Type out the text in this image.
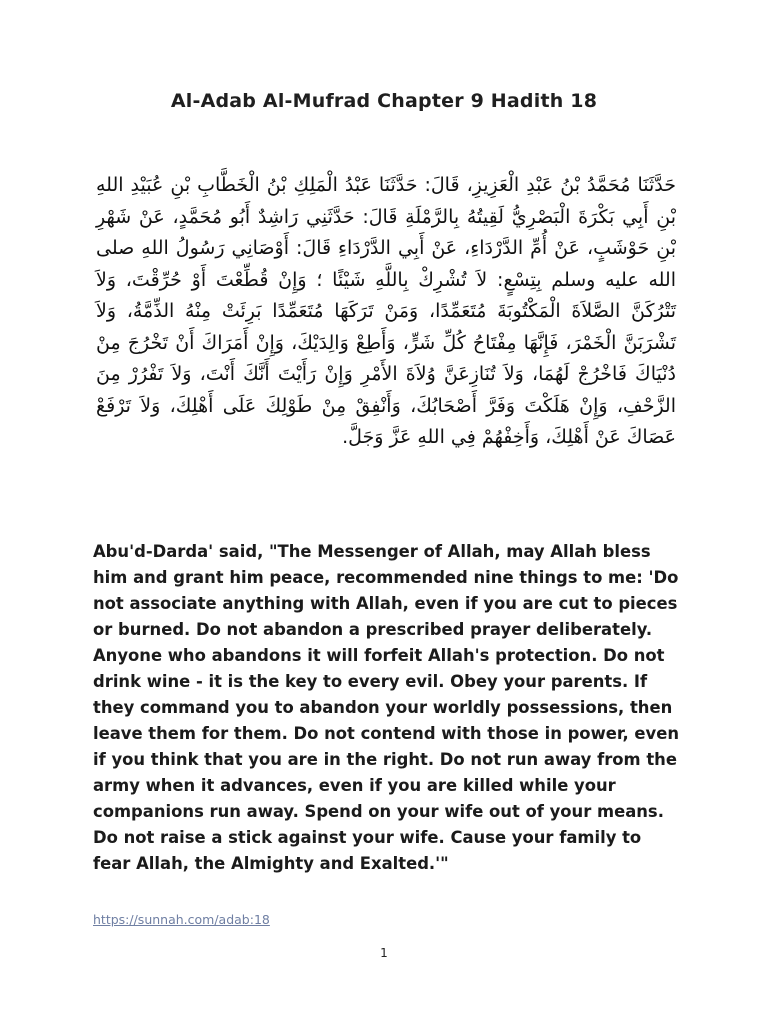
Al-Adab Al-Mufrad Chapter 9 Hadith 18
حَدَّثَنَا مُحَمَّدُ بْنُ عَبْدِ الْعَزِيزِ، قَالَ: حَدَّثَنَا عَبْدُ الْمَلِكِ بْنُ الْخَطَّابِ بْنِ عُبَيْدِ اللهِ بْنِ أَبِي بَكْرَةَ الْبَصْرِيُّ لَقِيتُهُ بِالرَّمْلَةِ قَالَ: حَدَّثَنِي رَاشِدٌ أَبُو مُحَمَّدٍ، عَنْ شَهْرِ بْنِ حَوْشَبٍ، عَنْ أُمِّ الدَّرْدَاءِ، عَنْ أَبِي الدَّرْدَاءِ قَالَ: أَوْصَانِي رَسُولُ اللهِ صلى الله عليه وسلم بِتِسْعٍ: لاَ تُشْرِكْ بِاللَّهِ شَيْئًا ؛ وَإِنْ قُطِّعْتَ أَوْ حُرِّقْتَ، وَلاَ تَتْرُكَنَّ الصَّلاَةَ الْمَكْتُوبَةَ مُتَعَمِّدًا، وَمَنْ تَرَكَهَا مُتَعَمِّدًا بَرِئَتْ مِنْهُ الذِّمَّةُ، وَلاَ تَشْرَبَنَّ الْخَمْرَ، فَإِنَّهَا مِفْتَاحُ كُلِّ شَرٍّ، وَأَطِعْ وَالِدَيْكَ، وَإِنْ أَمَرَاكَ أَنْ تَخْرُجَ مِنْ دُنْيَاكَ فَاخْرُجْ لَهُمَا، وَلاَ تُنَازِعَنَّ وُلاَةَ الأَمْرِ وَإِنْ رَأَيْتَ أَنَّكَ أَنْتَ، وَلاَ تَفْرُرْ مِنَ الزَّحْفِ، وَإِنْ هَلَكْتَ وَفَرَّ أَصْحَابُكَ، وَأَنْفِقْ مِنْ طَوْلِكَ عَلَى أَهْلِكَ، وَلاَ تَرْفَعْ عَصَاكَ عَنْ أَهْلِكَ، وَأَخِفْهُمْ فِي اللهِ عَزَّ وَجَلَّ.

Abu'd-Darda' said, "The Messenger of Allah, may Allah bless him and grant him peace, recommended nine things to me: 'Do not associate anything with Allah, even if you are cut to pieces or burned. Do not abandon a prescribed prayer deliberately. Anyone who abandons it will forfeit Allah's protection. Do not drink wine - it is the key to every evil. Obey your parents. If they command you to abandon your worldly possessions, then leave them for them. Do not contend with those in power, even if you think that you are in the right. Do not run away from the army when it advances, even if you are killed while your companions run away. Spend on your wife out of your means. Do not raise a stick against your wife. Cause your family to fear Allah, the Almighty and Exalted.'"

https://sunnah.com/adab:18
1
